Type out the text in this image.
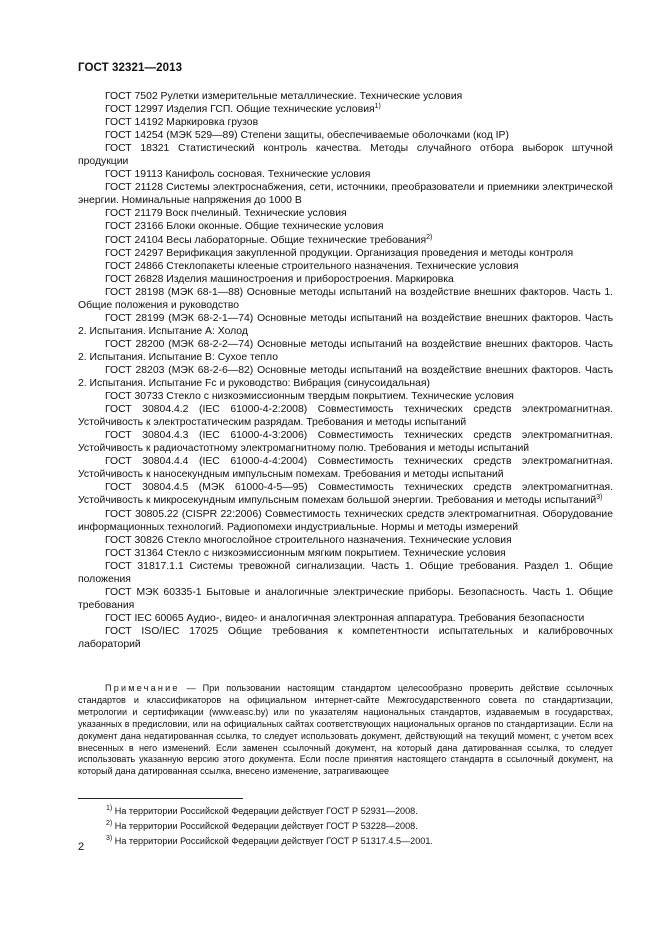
ГОСТ 32321—2013

ГОСТ 7502 Рулетки измерительные металлические. Технические условия

ГОСТ 12997 Изделия ГСП. Общие технические условия$^{1)}$

ГОСТ 14192 Маркировка грузов

ГОСТ 14254 (МЭК 529—89) Степени защиты, обеспечиваемые оболочками (код IP)

ГОСТ 18321 Статистический контроль качества. Методы случайного отбора выборок штучной продукции

ГОСТ 19113 Канифоль сосновая. Технические условия

ГОСТ 21128 Системы электроснабжения, сети, источники, преобразователи и приемники электрической энергии. Номинальные напряжения до 1000 В

ГОСТ 21179 Воск пчелиный. Технические условия

ГОСТ 23166 Блоки оконные. Общие технические условия

ГОСТ 24104 Весы лабораторные. Общие технические требования$^{2)}$

ГОСТ 24297 Верификация закупленной продукции. Организация проведения и методы контроля

ГОСТ 24866 Стеклопакеты клееные строительного назначения. Технические условия

ГОСТ 26828 Изделия машиностроения и приборостроения. Маркировка

ГОСТ 28198 (МЭК 68-1—88) Основные методы испытаний на воздействие внешних факторов. Часть 1. Общие положения и руководство

ГОСТ 28199 (МЭК 68-2-1—74) Основные методы испытаний на воздействие внешних факторов. Часть 2. Испытания. Испытание А: Холод

ГОСТ 28200 (МЭК 68-2-2—74) Основные методы испытаний на воздействие внешних факторов. Часть 2. Испытания. Испытание В: Сухое тепло

ГОСТ 28203 (МЭК 68-2-6—82) Основные методы испытаний на воздействие внешних факторов. Часть 2. Испытания. Испытание Fc и руководство: Вибрация (синусоидальная)

ГОСТ 30733 Стекло с низкоэмиссионным твердым покрытием. Технические условия

ГОСТ 30804.4.2 (IEC 61000-4-2:2008) Совместимость технических средств электромагнитная. Устойчивость к электростатическим разрядам. Требования и методы испытаний

ГОСТ 30804.4.3 (IEC 61000-4-3:2006) Совместимость технических средств электромагнитная. Устойчивость к радиочастотному электромагнитному полю. Требования и методы испытаний

ГОСТ 30804.4.4 (IEC 61000-4-4:2004) Совместимость технических средств электромагнитная. Устойчивость к наносекундным импульсным помехам. Требования и методы испытаний

ГОСТ 30804.4.5 (МЭК 61000-4-5—95) Совместимость технических средств электромагнитная. Устойчивость к микросекундным импульсным помехам большой энергии. Требования и методы испытаний$^{3)}$

ГОСТ 30805.22 (CISPR 22:2006) Совместимость технических средств электромагнитная. Оборудование информационных технологий. Радиопомехи индустриальные. Нормы и методы измерений

ГОСТ 30826 Стекло многослойное строительного назначения. Технические условия

ГОСТ 31364 Стекло с низкоэмиссионным мягким покрытием. Технические условия

ГОСТ 31817.1.1 Системы тревожной сигнализации. Часть 1. Общие требования. Раздел 1. Общие положения

ГОСТ МЭК 60335-1 Бытовые и аналогичные электрические приборы. Безопасность. Часть 1. Общие требования

ГОСТ IEC 60065 Аудио-, видео- и аналогичная электронная аппаратура. Требования безопасности

ГОСТ ISO/IEC 17025 Общие требования к компетентности испытательных и калибровочных лабораторий

Примечание — При пользовании настоящим стандартом целесообразно проверить действие ссылочных стандартов и классификаторов на официальном интернет-сайте Межгосударственного совета по стандартизации, метрологии и сертификации (www.easc.by) или по указателям национальных стандартов, издаваемым в государствах, указанных в предисловии, или на официальных сайтах соответствующих национальных органов по стандартизации. Если на документ дана недатированная ссылка, то следует использовать документ, действующий на текущий момент, с учетом всех внесенных в него изменений. Если заменен ссылочный документ, на который дана датированная ссылка, то следует использовать указанную версию этого документа. Если после принятия настоящего стандарта в ссылочный документ, на который дана датированная ссылка, внесено изменение, затрагивающее
$^{1)}$ На территории Российской Федерации действует ГОСТ Р 52931—2008.
$^{2)}$ На территории Российской Федерации действует ГОСТ Р 53228—2008.
$^{3)}$ На территории Российской Федерации действует ГОСТ Р 51317.4.5—2001.
2
